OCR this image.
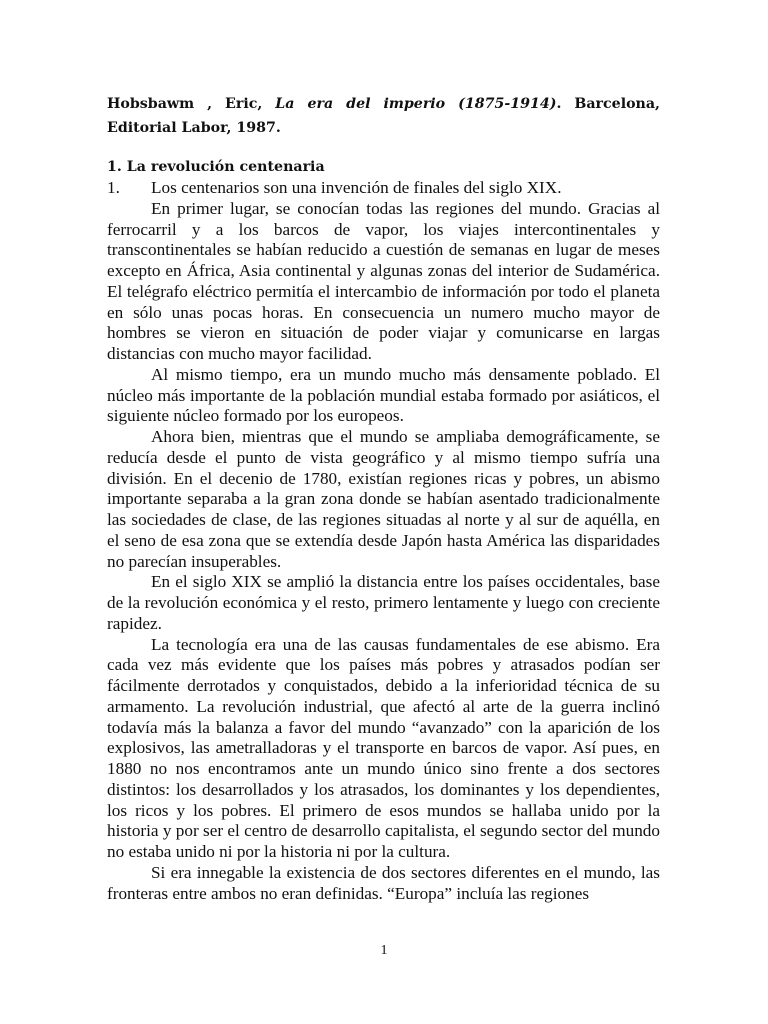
Hobsbawm , Eric, La era del imperio (1875-1914). Barcelona, Editorial Labor, 1987.

1. La revolución centenaria

1.	Los centenarios son una invención de finales del siglo XIX.

En primer lugar, se conocían todas las regiones del mundo. Gracias al ferrocarril y a los barcos de vapor, los viajes intercontinentales y transcontinentales se habían reducido a cuestión de semanas en lugar de meses excepto en África, Asia continental y algunas zonas del interior de Sudamérica. El telégrafo eléctrico permitía el intercambio de información por todo el planeta en sólo unas pocas horas. En consecuencia un numero mucho mayor de hombres se vieron en situación de poder viajar y comunicarse en largas distancias con mucho mayor facilidad.

Al mismo tiempo, era un mundo mucho más densamente poblado. El núcleo más importante de la población mundial estaba formado por asiáticos, el siguiente núcleo formado por los europeos.

Ahora bien, mientras que el mundo se ampliaba demográficamente, se reducía desde el punto de vista geográfico y al mismo tiempo sufría una división. En el decenio de 1780, existían regiones ricas y pobres, un abismo importante separaba a la gran zona donde se habían asentado tradicionalmente las sociedades de clase, de las regiones situadas al norte y al sur de aquélla, en el seno de esa zona que se extendía desde Japón hasta América las disparidades no parecían insuperables.

En el siglo XIX se amplió la distancia entre los países occidentales, base de la revolución económica y el resto, primero lentamente y luego con creciente rapidez.

La tecnología era una de las causas fundamentales de ese abismo. Era cada vez más evidente que los países más pobres y atrasados podían ser fácilmente derrotados y conquistados, debido a la inferioridad técnica de su armamento. La revolución industrial, que afectó al arte de la guerra inclinó todavía más la balanza a favor del mundo “avanzado” con la aparición de los explosivos, las ametralladoras y el transporte en barcos de vapor. Así pues, en 1880 no nos encontramos ante un mundo único sino frente a dos sectores distintos: los desarrollados y los atrasados, los dominantes y los dependientes, los ricos y los pobres. El primero de esos mundos se hallaba unido por la historia y por ser el centro de desarrollo capitalista, el segundo sector del mundo no estaba unido ni por la historia ni por la cultura.

Si era innegable la existencia de dos sectores diferentes en el mundo, las fronteras entre ambos no eran definidas. “Europa” incluía las regiones

1
